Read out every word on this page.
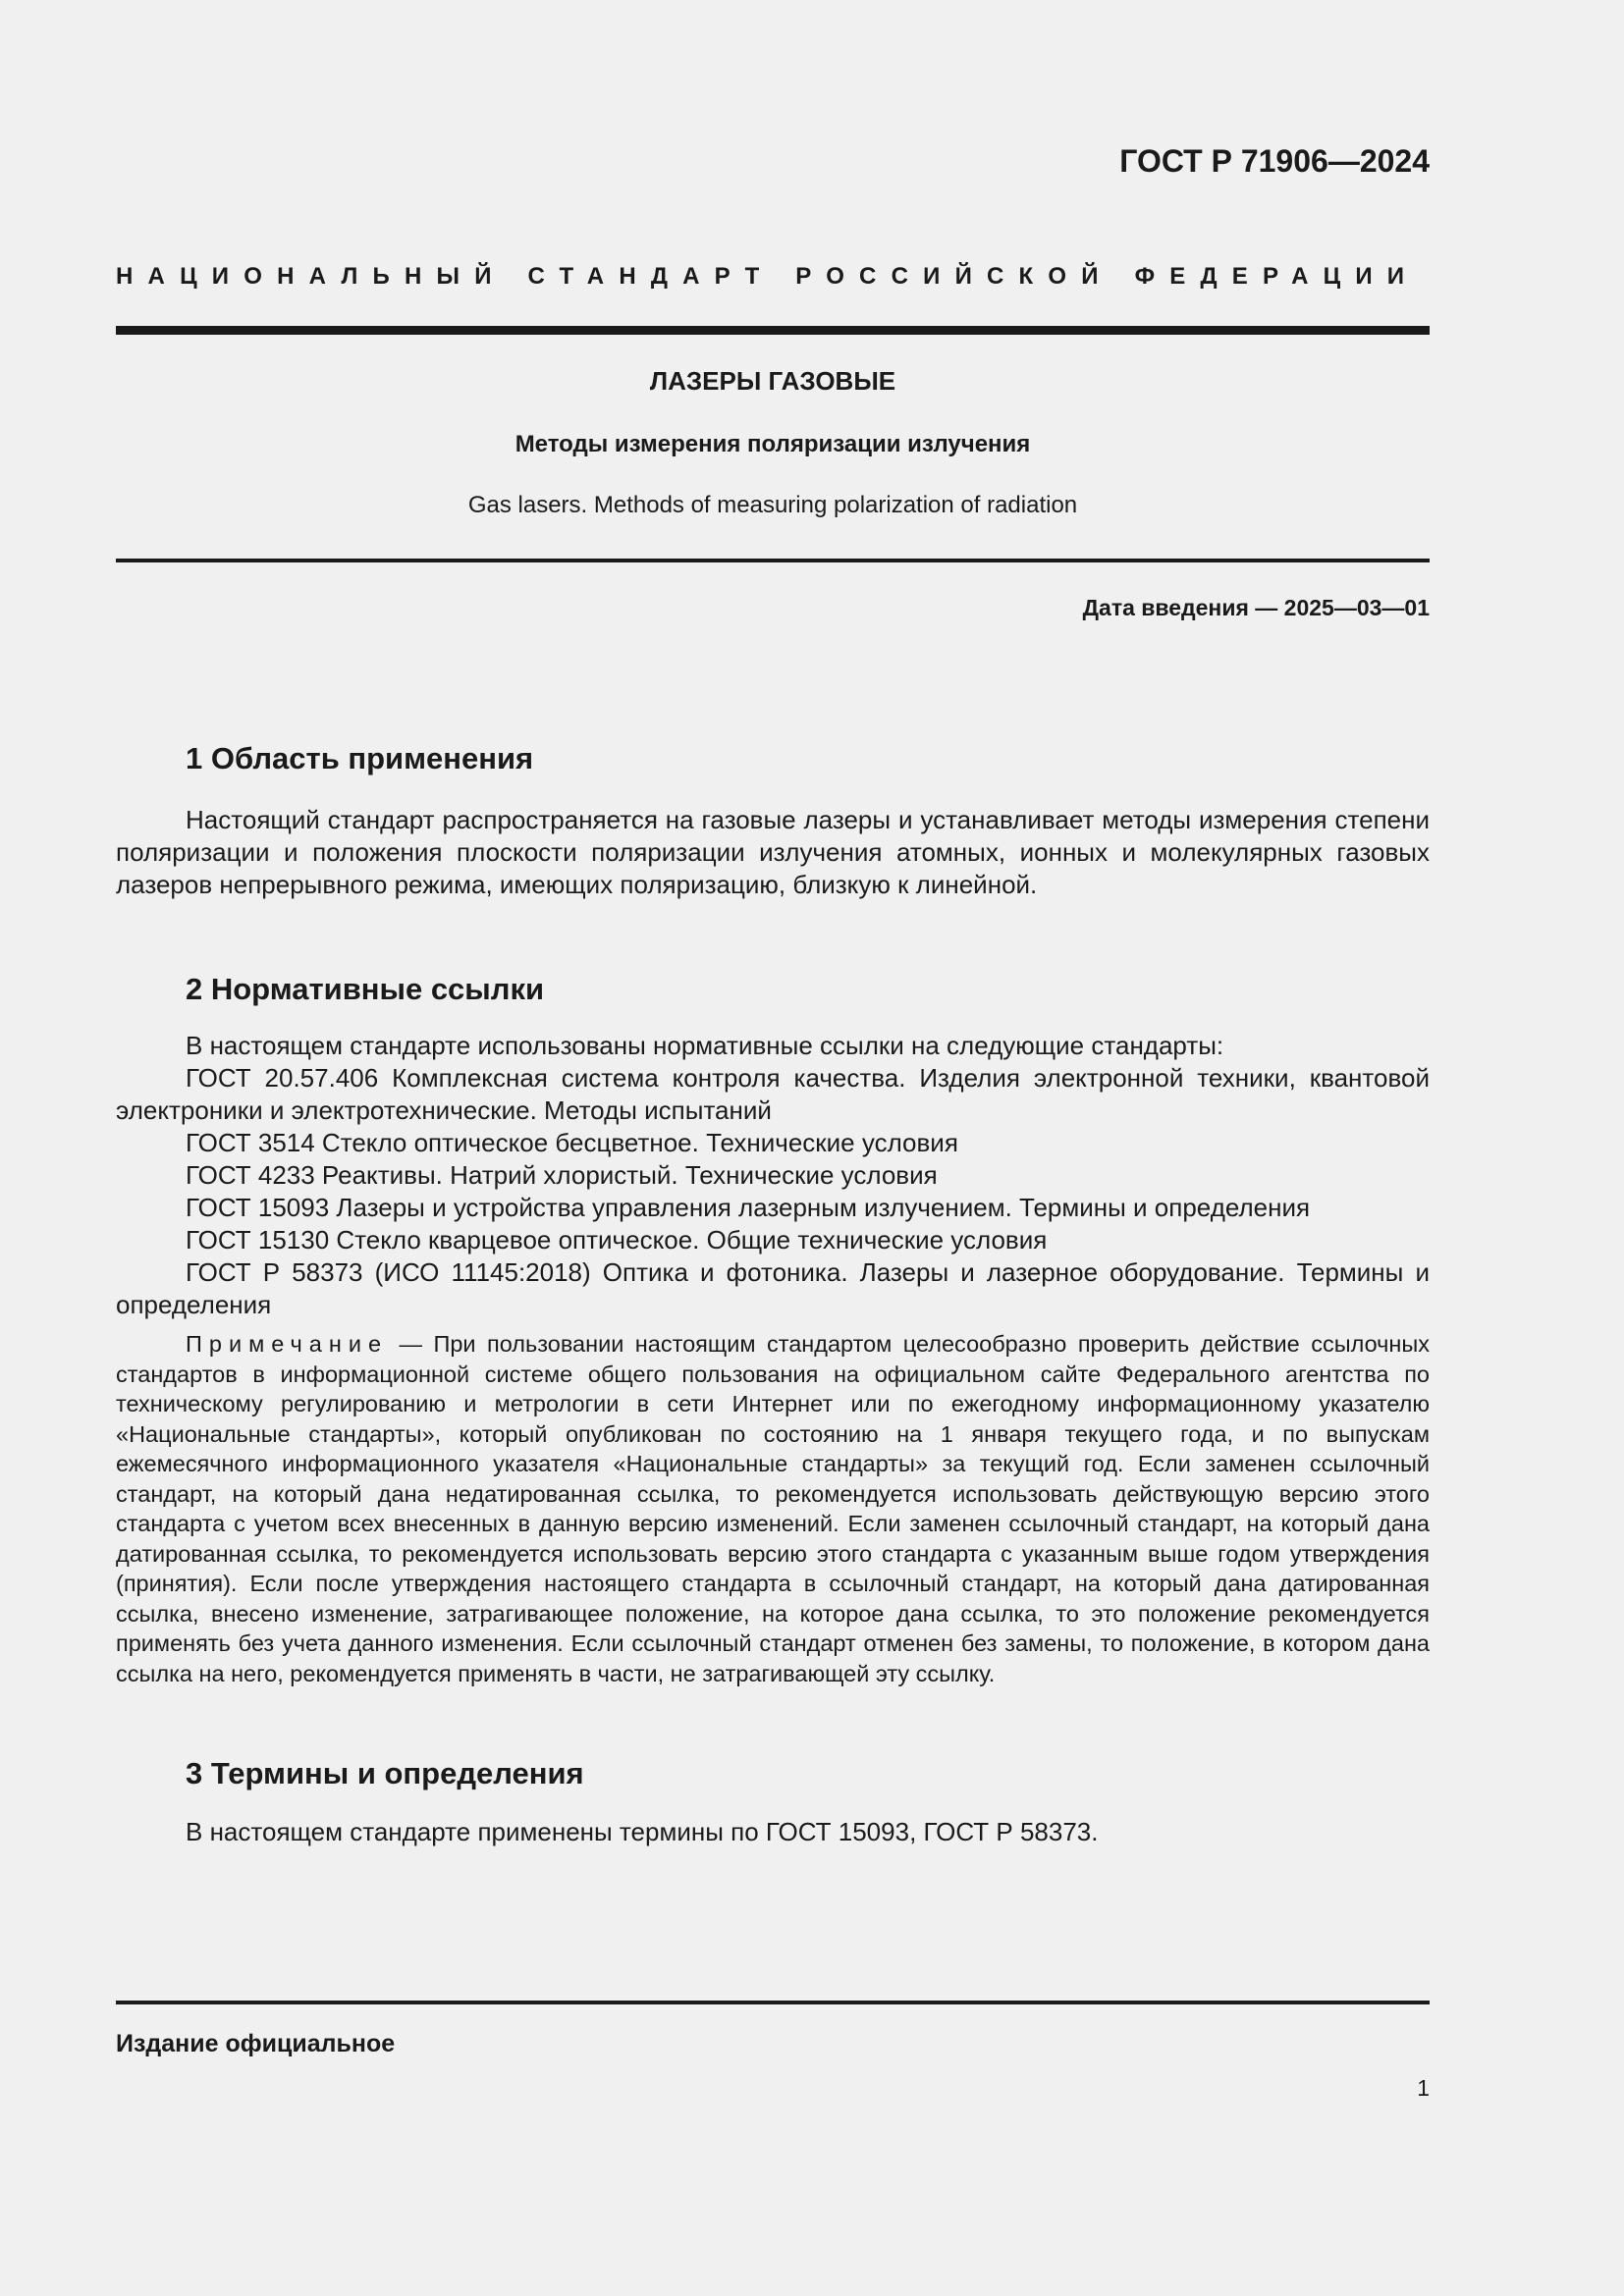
ГОСТ Р 71906—2024

НАЦИОНАЛЬНЫЙ СТАНДАРТ РОССИЙСКОЙ ФЕДЕРАЦИИ

ЛАЗЕРЫ ГАЗОВЫЕ

Методы измерения поляризации излучения

Gas lasers. Methods of measuring polarization of radiation

Дата введения — 2025—03—01

1 Область применения

Настоящий стандарт распространяется на газовые лазеры и устанавливает методы измерения степени поляризации и положения плоскости поляризации излучения атомных, ионных и молекулярных газовых лазеров непрерывного режима, имеющих поляризацию, близкую к линейной.

2 Нормативные ссылки

В настоящем стандарте использованы нормативные ссылки на следующие стандарты:

ГОСТ 20.57.406 Комплексная система контроля качества. Изделия электронной техники, квантовой электроники и электротехнические. Методы испытаний

ГОСТ 3514 Стекло оптическое бесцветное. Технические условия

ГОСТ 4233 Реактивы. Натрий хлористый. Технические условия

ГОСТ 15093 Лазеры и устройства управления лазерным излучением. Термины и определения

ГОСТ 15130 Стекло кварцевое оптическое. Общие технические условия

ГОСТ Р 58373 (ИСО 11145:2018) Оптика и фотоника. Лазеры и лазерное оборудование. Термины и определения

Примечание — При пользовании настоящим стандартом целесообразно проверить действие ссылочных стандартов в информационной системе общего пользования на официальном сайте Федерального агентства по техническому регулированию и метрологии в сети Интернет или по ежегодному информационному указателю «Национальные стандарты», который опубликован по состоянию на 1 января текущего года, и по выпускам ежемесячного информационного указателя «Национальные стандарты» за текущий год. Если заменен ссылочный стандарт, на который дана недатированная ссылка, то рекомендуется использовать действующую версию этого стандарта с учетом всех внесенных в данную версию изменений. Если заменен ссылочный стандарт, на который дана датированная ссылка, то рекомендуется использовать версию этого стандарта с указанным выше годом утверждения (принятия). Если после утверждения настоящего стандарта в ссылочный стандарт, на который дана датированная ссылка, внесено изменение, затрагивающее положение, на которое дана ссылка, то это положение рекомендуется применять без учета данного изменения. Если ссылочный стандарт отменен без замены, то положение, в котором дана ссылка на него, рекомендуется применять в части, не затрагивающей эту ссылку.

3 Термины и определения

В настоящем стандарте применены термины по ГОСТ 15093, ГОСТ Р 58373.

Издание официальное

1
